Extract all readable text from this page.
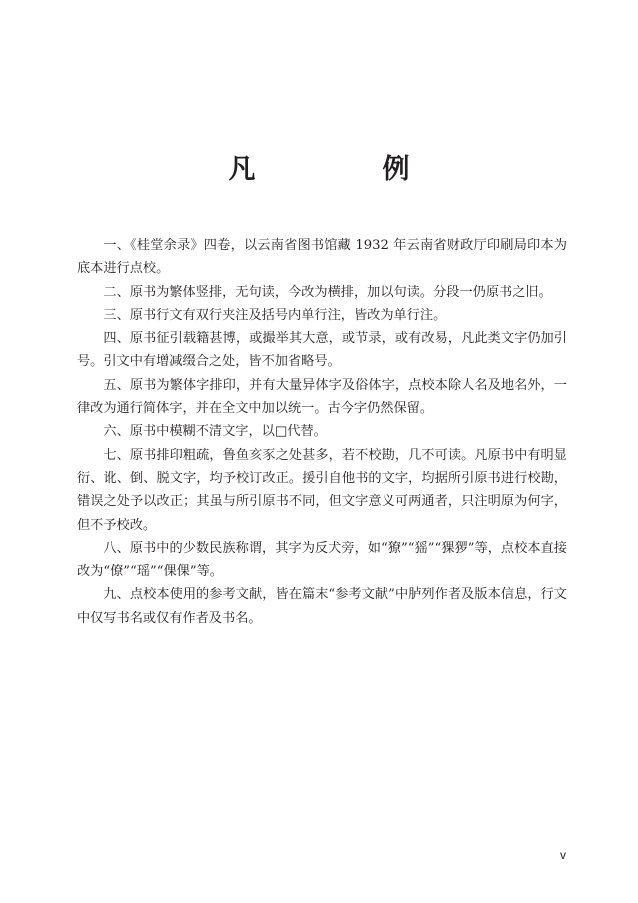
凡　例

一、《桂堂余录》四卷，以云南省图书馆藏 1932 年云南省财政厅印刷局印本为底本进行点校。

二、原书为繁体竖排，无句读，今改为横排，加以句读。分段一仍原书之旧。

三、原书行文有双行夹注及括号内单行注，皆改为单行注。

四、原书征引载籍甚博，或撮举其大意，或节录，或有改易，凡此类文字仍加引号。引文中有增减缀合之处，皆不加省略号。

五、原书为繁体字排印，并有大量异体字及俗体字，点校本除人名及地名外，一律改为通行简体字，并在全文中加以统一。古今字仍然保留。

六、原书中模糊不清文字，以□代替。

七、原书排印粗疏，鲁鱼亥豕之处甚多，若不校勘，几不可读。凡原书中有明显衍、讹、倒、脱文字，均予校订改正。援引自他书的文字，均据所引原书进行校勘，错误之处予以改正；其虽与所引原书不同，但文字意义可两通者，只注明原为何字，但不予校改。

八、原书中的少数民族称谓，其字为反犬旁，如“獠”“猺”“猓猡”等，点校本直接改为“僚”“瑶”“倮倮”等。

九、点校本使用的参考文献，皆在篇末“参考文献”中胪列作者及版本信息，行文中仅写书名或仅有作者及书名。

v
